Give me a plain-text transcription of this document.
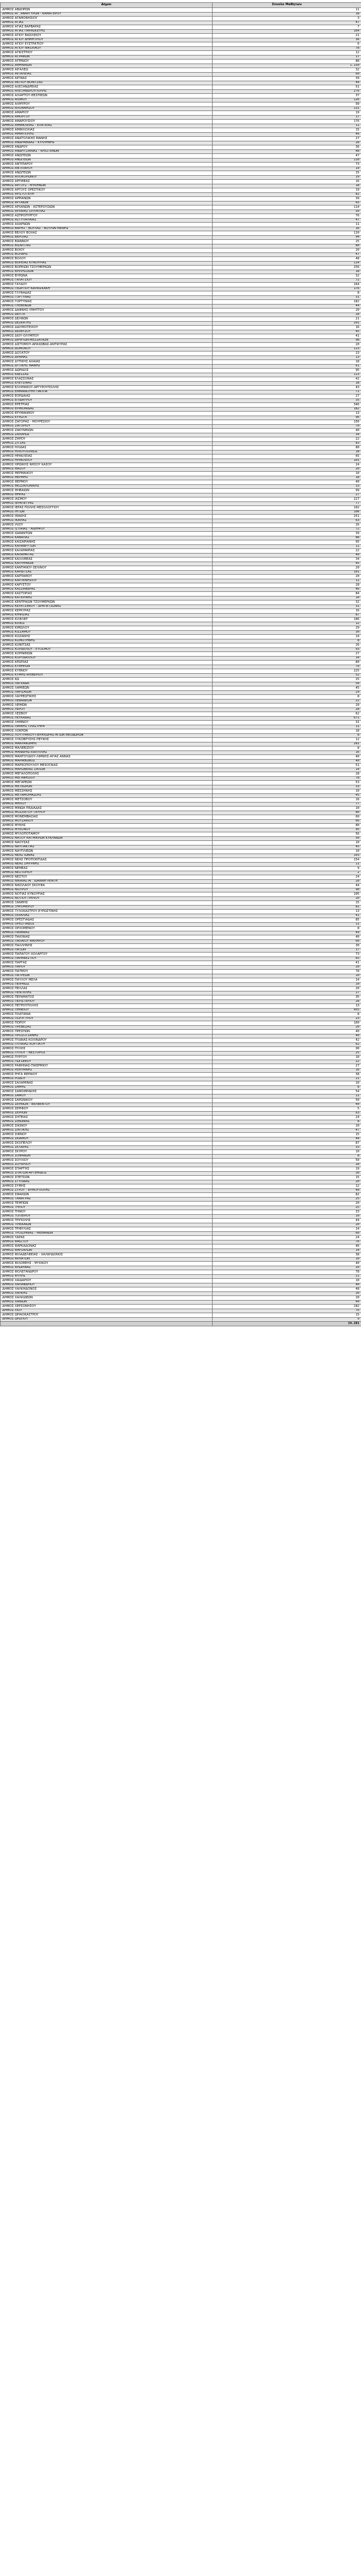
Δήμοι	Σύνολο Μαθητών
ΔΗΜΟΣ ΑΒΔΗΡΩΝ	11
ΔΗΜΟΣ ΑΓ. ΑΝΑΡΓΥΡΩΝ - ΚΑΜΑΤΕΡΟΥ	18
ΔΗΜΟΣ ΑΓΑΘΟΝΗΣΙΟΥ	3
ΔΗΜΟΣ ΑΓΙΑΣ	47
ΔΗΜΟΣ ΑΓΙΑΣ ΒΑΡΒΑΡΑΣ	7
ΔΗΜΟΣ ΑΓΙΑΣ ΠΑΡΑΣΚΕΥΗΣ	164
ΔΗΜΟΣ ΑΓΙΟΥ ΒΑΣΙΛΕΙΟΥ	21
ΔΗΜΟΣ ΑΓΙΟΥ ΔΗΜΗΤΡΙΟΥ	36
ΔΗΜΟΣ ΑΓΙΟΥ ΕΥΣΤΡΑΤΙΟΥ	6
ΔΗΜΟΣ ΑΓΙΟΥ ΝΙΚΟΛΑΟΥ	78
ΔΗΜΟΣ ΑΓΚΙΣΤΡΙΟΥ	12
ΔΗΜΟΣ ΑΓΡΑΦΩΝ	17
ΔΗΜΟΣ ΑΓΡΙΝΙΟΥ	88
ΔΗΜΟΣ ΑΘΗΝΑΙΩΝ	1.150
ΔΗΜΟΣ ΑΙΓΑΛΕΩ	32
ΔΗΜΟΣ ΑΙΓΙΑΛΕΙΑΣ	60
ΔΗΜΟΣ ΑΙΓΙΝΑΣ	39
ΔΗΜΟΣ ΑΚΤΙΟΥ-ΒΟΝΙΤΣΑΣ	44
ΔΗΜΟΣ ΑΛΕΞΑΝΔΡΕΙΑΣ	51
ΔΗΜΟΣ ΑΛΕΞΑΝΔΡΟΥΠΟΛΗΣ	276
ΔΗΜΟΣ ΑΛΙΑΡΤΟΥ-ΘΕΣΠΙΕΩΝ	37
ΔΗΜΟΣ ΑΛΙΜΟΥ	126
ΔΗΜΟΣ ΑΛΜΥΡΟΥ	99
ΔΗΜΟΣ ΑΛΟΝΝΗΣΟΥ	131
ΔΗΜΟΣ ΑΜΑΡΙΟΥ	19
ΔΗΜΟΣ ΑΜΟΡΓΟΥ	17
ΔΗΜΟΣ ΑΜΑΡΟΥΣΙΟΥ	176
ΔΗΜΟΣ ΑΜΦΙΚΛΕΙΑΣ - ΕΛΑΤΕΙΑΣ	11
ΔΗΜΟΣ ΑΜΦΙΛΟΧΙΑΣ	15
ΔΗΜΟΣ ΑΜΦΙΠΟΛΗΣ	46
ΔΗΜΟΣ ΑΝΑΤΟΛΙΚΗΣ ΜΑΝΗΣ	27
ΔΗΜΟΣ ΑΝΔΡΑΒΙΔΑΣ - ΚΥΛΛΗΝΗΣ	28
ΔΗΜΟΣ ΑΝΔΡΟΥ	36
ΔΗΜΟΣ ΑΝΔΡΙΤΣΑΙΝΑΣ - ΚΡΕΣΤΕΝΩΝ	48
ΔΗΜΟΣ ΑΝΩΓΕΙΩΝ	47
ΔΗΜΟΣ ΑΝΩΓΕΙΩΝ	110
ΔΗΜΟΣ ΑΝΤΙΠΑΡΟΥ	73
ΔΗΜΟΣ ΑΝΤΙΠΑΡΟΥ	19
ΔΗΜΟΣ ΑΝΩΓΕΙΩΝ	15
ΔΗΜΟΣ ΑΠΟΚΟΡΩΝΟΥ	19
ΔΗΜΟΣ ΑΡΓΙΘΕΑΣ	16
ΔΗΜΟΣ ΑΡΓΟΥΣ - ΜΥΚΗΝΩΝ	18
ΔΗΜΟΣ ΑΡΓΟΥΣ ΟΡΕΣΤΙΚΟΥ	19
ΔΗΜΟΣ ΑΡΙΣΤΟΤΕΛΗ	82
ΔΗΜΟΣ ΑΡΡΙΑΝΩΝ	39
ΔΗΜΟΣ ΑΡΤΑΙΩΝ	65
ΔΗΜΟΣ ΑΡΧΑΝΩΝ - ΑΣΤΕΡΟΥΣΙΩΝ	114
ΔΗΜΟΣ ΑΡΧΑΙΑΣ ΟΛΥΜΠΙΑΣ	50
ΔΗΜΟΣ ΑΣΠΡΟΠΥΡΓΟΥ	76
ΔΗΜΟΣ ΑΣΤΥΠΑΛΑΙΑΣ	47
ΔΗΜΟΣ ΑΧΑΡΝΩΝ	11
ΔΗΜΟΣ ΒΑΡΗΣ - ΒΟΥΛΑΣ - ΒΟΥΛΙΑΓΜΕΝΗΣ	16
ΔΗΜΟΣ ΒΕΛΟΥ ΒΟΧΑΣ	110
ΔΗΜΟΣ ΒΕΡΟΙΑΣ	94
ΔΗΜΟΣ ΒΙΑΝΝΟΥ	25
ΔΗΜΟΣ ΒΙΣΑΛΤΙΑΣ	80
ΔΗΜΟΣ ΒΟΙΟΥ	20
ΔΗΜΟΣ ΒΟΛΒΗΣ	47
ΔΗΜΟΣ ΒΟΛΟΥ	48
ΔΗΜΟΣ ΒΟΡΕΙΑΣ ΚΥΝΟΥΡΙΑΣ	114
ΔΗΜΟΣ ΒΟΡΕΙΩΝ ΤΖΟΥΜΕΡΚΩΝ	256
ΔΗΜΟΣ ΒΡΙΛΗΣΣΙΩΝ	18
ΔΗΜΟΣ ΒΥΡΩΝΑ	32
ΔΗΜΟΣ ΓΑΛΑΤΣΙΟΥ	72
ΔΗΜΟΣ ΓΑΥΔΟΥ	164
ΔΗΜΟΣ ΓΕΩΡΓΙΟΥ ΚΑΡΑΪΣΚΑΚΗ	176
ΔΗΜΟΣ ΓΛΥΦΑΔΑΣ	8
ΔΗΜΟΣ ΓΟΡΤΥΝΑΣ	31
ΔΗΜΟΣ ΓΟΡΤΥΝΙΑΣ	182
ΔΗΜΟΣ ΓΡΕΒΕΝΩΝ	44
ΔΗΜΟΣ ΔΑΦΝΗΣ-ΥΜΗΤΤΟΥ	20
ΔΗΜΟΣ ΔΕΛΤΑ	28
ΔΗΜΟΣ ΔΕΛΦΩΝ	21
ΔΗΜΟΣ ΔΕΣΚΑΤΗΣ	201
ΔΗΜΟΣ ΔΙΔΥΜΟΤΕΙΧΟΥ	16
ΔΗΜΟΣ ΔΙΟΝΥΣΟΥ	45
ΔΗΜΟΣ ΔΙΟΥ-ΟΛΥΜΠΟΥ	41
ΔΗΜΟΣ ΔΙΡΦΥΩΝ-ΜΕΣΣΑΠΙΩΝ	98
ΔΗΜΟΣ ΔΙΣΤΟΜΟΥ-ΑΡΑΧΩΒΑΣ-ΑΝΤΙΚΥΡΑΣ	20
ΔΗΜΟΣ ΔΟΜΟΚΟΥ	113
ΔΗΜΟΣ ΔΟΞΑΤΟΥ	23
ΔΗΜΟΣ ΔΡΑΜΑΣ	13
ΔΗΜΟΣ ΔΥΤΙΚΗΣ ΑΧΑΪΑΣ	18
ΔΗΜΟΣ ΔΥΤΙΚΗΣ ΜΑΝΗΣ	61
ΔΗΜΟΣ ΔΩΡΙΔΟΣ	95
ΔΗΜΟΣ ΕΔΕΣΣΑΣ	113
ΔΗΜΟΣ ΕΛΑΣΣΟΝΑΣ	42
ΔΗΜΟΣ ΕΛΕΥΣΙΝΑΣ	18
ΔΗΜΟΣ ΕΛΛΗΝΙΚΟΥ-ΑΡΓΥΡΟΥΠΟΛΗΣ	43
ΔΗΜΟΣ ΕΜΜΑΝΟΥΗΛ ΠΑΠΠΑ	71
ΔΗΜΟΣ ΕΟΡΔΑΙΑΣ	27
ΔΗΜΟΣ ΕΠΙΔΑΥΡΟΥ	35
ΔΗΜΟΣ ΕΡΕΤΡΙΑΣ	346
ΔΗΜΟΣ ΕΡΜΙΟΝΙΔΑΣ	182
ΔΗΜΟΣ ΕΡΥΜΑΝΘΟΥ	13
ΔΗΜΟΣ ΕΥΡΩΤΑ	96
ΔΗΜΟΣ ΖΑΓΟΡΑΣ - ΜΟΥΡΕΣΙΟΥ	156
ΔΗΜΟΣ ΖΑΓΟΡΙΟΥ	70
ΔΗΜΟΣ ΖΑΚΥΝΘΙΩΝ	40
ΔΗΜΟΣ ΖΑΧΑΡΩΣ	34
ΔΗΜΟΣ ΖΗΡΟΥ	22
ΔΗΜΟΣ ΖΙΤΣΑΣ	83
ΔΗΜΟΣ ΗΛΙΔΑΣ	80
ΔΗΜΟΣ ΗΛΙΟΥΠΟΛΕΩΣ	18
ΔΗΜΟΣ ΗΡΑΚΛΕΙΑΣ	65
ΔΗΜΟΣ ΗΡΑΚΛΕΙΟΥ	101
ΔΗΜΟΣ ΗΡΩΙΚΗΣ ΝΗΣΟΥ ΚΑΣΟΥ	24
ΔΗΜΟΣ ΘΑΣΟΥ	20
ΔΗΜΟΣ ΘΕΡΜΑΪΚΟΥ	10
ΔΗΜΟΣ ΘΕΡΜΗΣ	18
ΔΗΜΟΣ ΘΕΡΜΟΥ	40
ΔΗΜΟΣ ΘΕΣΣΑΛΟΝΙΚΗΣ	33
ΔΗΜΟΣ ΘΗΒΑΙΩΝ	99
ΔΗΜΟΣ ΘΗΡΑΣ	27
ΔΗΜΟΣ ΙΑΣΜΟΥ	227
ΔΗΜΟΣ ΙΕΡΑΠΕΤΡΑΣ	77
ΔΗΜΟΣ ΙΕΡΑΣ ΠΟΛΗΣ ΜΕΣΟΛΟΓΓΙΟΥ	102
ΔΗΜΟΣ ΙΗΤΩΝ	106
ΔΗΜΟΣ ΙΘΑΚΗΣ	251
ΔΗΜΟΣ ΙΚΑΡΙΑΣ	63
ΔΗΜΟΣ ΙΛΙΟΥ	26
ΔΗΜΟΣ ΙΣΤΙΑΙΑΣ - ΑΙΔΗΨΟΥ	72
ΔΗΜΟΣ ΙΩΑΝΝΙΤΩΝ	39
ΔΗΜΟΣ ΚΑΒΑΛΑΣ	88
ΔΗΜΟΣ ΚΑΙΣΑΡΙΑΝΗΣ	95
ΔΗΜΟΣ ΚΑΛΑΒΡΥΤΩΝ	11
ΔΗΜΟΣ ΚΑΛΑΜΑΡΙΑΣ	22
ΔΗΜΟΣ ΚΑΛΑΜΑΤΑΣ	40
ΔΗΜΟΣ ΚΑΛΛΙΘΕΑΣ	34
ΔΗΜΟΣ ΚΑΛΥΜΝΙΩΝ	45
ΔΗΜΟΣ ΚΑΝΤΑΝΟΥ-ΣΕΛΙΝΟΥ	20
ΔΗΜΟΣ ΚΑΡΔΙΤΣΑΣ	101
ΔΗΜΟΣ ΚΑΡΠΑΘΟΥ	20
ΔΗΜΟΣ ΚΑΡΠΕΝΗΣΙΟΥ	11
ΔΗΜΟΣ ΚΑΡΥΣΤΟΥ	28
ΔΗΜΟΣ ΚΑΣΣΑΝΔΡΑΣ	46
ΔΗΜΟΣ ΚΑΣΤΟΡΙΑΣ	84
ΔΗΜΟΣ ΚΑΤΕΡΙΝΗΣ	10
ΔΗΜΟΣ ΚΕΝΤΡΙΚΩΝ ΤΖΟΥΜΕΡΚΩΝ	32
ΔΗΜΟΣ ΚΕΡΑΤΣΙΝΙΟΥ - ΔΡΑΠΕΤΣΩΝΑΣ	31
ΔΗΜΟΣ ΚΕΡΚΥΡΑΣ	16
ΔΗΜΟΣ ΚΗΦΙΣΙΑΣ	87
ΔΗΜΟΣ ΚΙΛΕΛΕΡ	186
ΔΗΜΟΣ ΚΙΛΚΙΣ	12
ΔΗΜΟΣ ΚΙΜΩΛΟΥ	29
ΔΗΜΟΣ ΚΙΣΣΑΜΟΥ	30
ΔΗΜΟΣ ΚΟΖΑΝΗΣ	14
ΔΗΜΟΣ ΚΟΜΟΤΗΝΗΣ	8
ΔΗΜΟΣ ΚΟΝΙΤΣΑΣ	26
ΔΗΜΟΣ ΚΟΡΔΕΛΙΟΥ - ΕΥΟΣΜΟΥ	93
ΔΗΜΟΣ ΚΟΡΙΝΘΙΩΝ	27
ΔΗΜΟΣ ΚΟΡΥΔΑΛΛΟΥ	14
ΔΗΜΟΣ ΚΡΩΠΙΑΣ	80
ΔΗΜΟΣ ΚΥΘΗΡΩΝ	70
ΔΗΜΟΣ ΚΥΘΝΟΥ	225
ΔΗΜΟΣ ΚΥΜΗΣ-ΑΛΙΒΕΡΙΟΥ	52
ΔΗΜΟΣ ΚΩ	25
ΔΗΜΟΣ ΛΑΓΚΑΔΑ	50
ΔΗΜΟΣ ΛΑΜΙΕΩΝ	45
ΔΗΜΟΣ ΛΑΡΙΣΑΙΩΝ	29
ΔΗΜΟΣ ΛΑΥΡΕΩΤΙΚΗΣ	8
ΔΗΜΟΣ ΛΕΒΑΔΕΩΝ	22
ΔΗΜΟΣ ΛΕΙΨΩΝ	20
ΔΗΜΟΣ ΛΕΡΟΥ	28
ΔΗΜΟΣ ΛΕΣΒΟΥ	62
ΔΗΜΟΣ ΛΕΥΚΑΔΑΣ	671
ΔΗΜΟΣ ΛΗΜΝΟΥ	31
ΔΗΜΟΣ ΛΙΜΝΗΣ ΠΛΑΣΤΗΡΑ	11
ΔΗΜΟΣ ΛΟΚΡΩΝ	18
ΔΗΜΟΣ ΛΟΥΤΡΑΚΙΟΥ-ΠΕΡΑΧΩΡΑΣ-ΑΓΙΩΝ ΘΕΟΔΩΡΩΝ	8
ΔΗΜΟΣ ΛΥΚΟΒΡΥΣΗΣ-ΠΕΥΚΗΣ	12
ΔΗΜΟΣ ΜΑΚΡΑΚΩΜΗΣ	281
ΔΗΜΟΣ ΜΑΛΕΒΙΖΙΟΥ	8
ΔΗΜΟΣ ΜΑΝΔΡΑΣ-ΕΙΔΥΛΛΙΑΣ	16
ΔΗΜΟΣ ΜΑΝΤΟΥΔΙΟΥ-ΛΙΜΝΗΣ-ΑΓΙΑΣ ΑΝΝΑΣ	40
ΔΗΜΟΣ ΜΑΡΑΘΩΝΟΣ	40
ΔΗΜΟΣ ΜΑΡΚΟΠΟΥΛΟΥ ΜΕΣΟΓΑΙΑΣ	51
ΔΗΜΟΣ ΜΑΡΩΝΕΙΑΣ ΣΑΠΩΝ	14
ΔΗΜΟΣ ΜΕΓΑΛΟΠΟΛΗΣ	28
ΔΗΜΟΣ ΜΕΓΑΝΗΣΙΟΥ	78
ΔΗΜΟΣ ΜΕΓΑΡΕΩΝ	53
ΔΗΜΟΣ ΜΕΤΕΩΡΩΝ	33
ΔΗΜΟΣ ΜΕΣΣΗΝΗΣ	10
ΔΗΜΟΣ ΜΕΤΑΜΟΡΦΩΣΗΣ	45
ΔΗΜΟΣ ΜΕΤΣΟΒΟΥ	16
ΔΗΜΟΣ ΜΗΛΟΥ	77
ΔΗΜΟΣ ΜΙΝΩΑ ΠΕΔΙΑΔΑΣ	10
ΔΗΜΟΣ ΜΟΣΧΑΤΟΥ-ΤΑΥΡΟΥ	80
ΔΗΜΟΣ ΜΟΝΕΜΒΑΣΙΑΣ	60
ΔΗΜΟΣ ΜΟΥΖΑΚΙΟΥ	66
ΔΗΜΟΣ ΜΥΚΗΣ	80
ΔΗΜΟΣ ΜΥΚΟΝΟΥ	95
ΔΗΜΟΣ ΜΥΛΟΠΟΤΑΜΟΥ	56
ΔΗΜΟΣ ΝΑΞΟΥ ΚΑΙ ΜΙΚΡΩΝ ΚΥΚΛΑΔΩΝ	50
ΔΗΜΟΣ ΝΑΟΥΣΑΣ	10
ΔΗΜΟΣ ΝΑΥΠΑΚΤΙΑΣ	45
ΔΗΜΟΣ ΝΑΥΠΛΙΕΩΝ	10
ΔΗΜΟΣ ΝΕΑΣ ΙΩΝΙΑΣ	103
ΔΗΜΟΣ ΝΕΑΣ ΠΡΟΠΟΝΤΙΔΑΣ	154
ΔΗΜΟΣ ΝΕΑΣ ΣΜΥΡΝΗΣ	11
ΔΗΜΟΣ ΝΕΜΕΑΣ	9
ΔΗΜΟΣ ΝΕΣΤΟΡΙΟΥ	2
ΔΗΜΟΣ ΝΕΣΤΟΥ	24
ΔΗΜΟΣ ΝΙΚΑΙΑΣ-ΑΓ. ΙΩΑΝΝΗ ΡΕΝΤΗ	28
ΔΗΜΟΣ ΝΙΚΟΛΑΟΥ ΣΚΟΥΦΑ	44
ΔΗΜΟΣ ΝΙΣΥΡΟΥ	90
ΔΗΜΟΣ ΝΟΤΙΑΣ ΚΥΝΟΥΡΙΑΣ	105
ΔΗΜΟΣ ΝΟΤΙΟΥ ΠΗΛΙΟΥ	20
ΔΗΜΟΣ ΞΑΝΘΗΣ	15
ΔΗΜΟΣ ΞΗΡΟΜΕΡΟΥ	81
ΔΗΜΟΣ ΞΥΛΟΚΑΣΤΡΟΥ-ΕΥΡΩΣΤΙΝΗΣ	13
ΔΗΜΟΣ ΟΙΧΑΛΙΑΣ	41
ΔΗΜΟΣ ΟΡΕΣΤΙΑΔΑΣ	85
ΔΗΜΟΣ ΟΡΕΣΤΙΑΔΟΣ	11
ΔΗΜΟΣ ΟΡΧΟΜΕΝΟΥ	8
ΔΗΜΟΣ ΠΑΙΑΝΙΑΣ	49
ΔΗΜΟΣ ΠΑΙΟΝΙΑΣ	40
ΔΗΜΟΣ ΠΑΛΑΙΟΥ ΦΑΛΗΡΟΥ	60
ΔΗΜΟΣ ΠΑΛΛΗΝΗΣ	30
ΔΗΜΟΣ ΠΑΞΩΝ	17
ΔΗΜΟΣ ΠΑΠΑΓΟΥ-ΧΟΛΑΡΓΟΥ	73
ΔΗΜΟΣ ΠΑΡΑΝΕΣΤΙΟΥ	65
ΔΗΜΟΣ ΠΑΡΓΑΣ	41
ΔΗΜΟΣ ΠΑΡΟΥ	20
ΔΗΜΟΣ ΠΑΤΜΟΥ	78
ΔΗΜΟΣ ΠΑΤΡΕΩΝ	10
ΔΗΜΟΣ ΠΑΥΛΟΥ ΜΕΛΑ	14
ΔΗΜΟΣ ΠΕΙΡΑΙΩΣ	10
ΔΗΜΟΣ ΠΕΛΛΑΣ	20
ΔΗΜΟΣ ΠΕΝΤΕΛΗΣ	17
ΔΗΜΟΣ ΠΕΡΑΜΑΤΟΣ	35
ΔΗΜΟΣ ΠΕΡΙΣΤΕΡΙΟΥ	28
ΔΗΜΟΣ ΠΕΤΡΟΥΠΟΛΗΣ	13
ΔΗΜΟΣ ΠΗΝΕΙΟΥ	455
ΔΗΜΟΣ ΠΛΑΤΑΝΙΑ	8
ΔΗΜΟΣ ΠΟΛΥΓΥΡΟΥ	23
ΔΗΜΟΣ ΠΟΡΟΥ	160
ΔΗΜΟΣ ΠΡΕΒΕΖΑΣ	20
ΔΗΜΟΣ ΠΡΕΣΠΩΝ	40
ΔΗΜΟΣ ΠΡΟΣΟΤΣΑΝΗΣ	40
ΔΗΜΟΣ ΠΥΔΝΑΣ-ΚΟΛΙΝΔΡΟΥ	42
ΔΗΜΟΣ ΠΥΛΑΙΑΣ-ΧΟΡΤΙΑΤΗ	62
ΔΗΜΟΣ ΠΥΛΗΣ	90
ΔΗΜΟΣ ΠΥΛΟΥ - ΝΕΣΤΟΡΟΣ	25
ΔΗΜΟΣ ΠΥΡΓΟΥ	10
ΔΗΜΟΣ ΠΩΓΩΝΙΟΥ	22
ΔΗΜΟΣ ΡΑΦΗΝΑΣ-ΠΙΚΕΡΜΙΟΥ	27
ΔΗΜΟΣ ΡΕΘΥΜΝΗΣ	16
ΔΗΜΟΣ ΡΗΓΑ ΦΕΡΑΙΟΥ	38
ΔΗΜΟΣ ΡΟΔΟΥ	21
ΔΗΜΟΣ ΣΑΛΑΜΙΝΑΣ	10
ΔΗΜΟΣ ΣΑΜΗΣ	8
ΔΗΜΟΣ ΣΑΜΟΘΡΑΚΗΣ	54
ΔΗΜΟΣ ΣΑΜΟΥ	11
ΔΗΜΟΣ ΣΑΡΩΝΙΚΟΥ	50
ΔΗΜΟΣ ΣΕΡΒΙΩΝ - ΒΕΛΒΕΝΤΟΥ	40
ΔΗΜΟΣ ΣΕΡΙΦΟΥ	5
ΔΗΜΟΣ ΣΕΡΡΩΝ	63
ΔΗΜΟΣ ΣΗΤΕΙΑΣ	24
ΔΗΜΟΣ ΣΙΘΩΝΙΑΣ	8
ΔΗΜΟΣ ΣΙΚΙΝΟΥ	10
ΔΗΜΟΣ ΣΙΝΤΙΚΗΣ	47
ΔΗΜΟΣ ΣΙΦΝΟΥ	15
ΔΗΜΟΣ ΣΚΙΑΘΟΥ	44
ΔΗΜΟΣ ΣΚΟΠΕΛΟΥ	87
ΔΗΜΟΣ ΣΚΥΔΡΑΣ	33
ΔΗΜΟΣ ΣΚΥΡΟΥ	10
ΔΗΜΟΣ ΣΟΦΑΔΩΝ	8
ΔΗΜΟΣ ΣΟΥΛΙΟΥ	50
ΔΗΜΟΣ ΣΟΥΦΛΙΟΥ	28
ΔΗΜΟΣ ΣΠΑΡΤΗΣ	19
ΔΗΜΟΣ ΣΠΑΤΩΝ-ΑΡΤΕΜΙΔΟΣ	30
ΔΗΜΟΣ ΣΠΕΤΣΩΝ	15
ΔΗΜΟΣ ΣΤΥΛΙΔΑΣ	20
ΔΗΜΟΣ ΣΥΜΗΣ	12
ΔΗΜΟΣ ΣΥΡΟΥ - ΕΡΜΟΥΠΟΛΗΣ	40
ΔΗΜΟΣ ΣΦΑΚΙΩΝ	82
ΔΗΜΟΣ ΤΑΝΑΓΡΑΣ	25
ΔΗΜΟΣ ΤΕΜΠΩΝ	20
ΔΗΜΟΣ ΤΗΛΟΥ	25
ΔΗΜΟΣ ΤΗΝΟΥ	33
ΔΗΜΟΣ ΤΟΠΕΙΡΟΥ	10
ΔΗΜΟΣ ΤΡΙΠΟΛΗΣ	44
ΔΗΜΟΣ ΤΡΙΚΚΑΙΩΝ	20
ΔΗΜΟΣ ΤΡΙΦΥΛΙΑΣ	14
ΔΗΜΟΣ ΤΡΟΙΖΗΝΙΑΣ - ΜΕΘΑΝΩΝ	60
ΔΗΜΟΣ ΥΔΡΑΣ	24
ΔΗΜΟΣ ΦΑΙΣΤΟΥ	76
ΔΗΜΟΣ ΦΑΡΚΑΔΟΝΑΣ	46
ΔΗΜΟΣ ΦΑΡΣΑΛΩΝ	14
ΔΗΜΟΣ ΦΙΛΑΔΕΛΦΕΙΑΣ - ΧΑΛΚΗΔΟΝΟΣ	38
ΔΗΜΟΣ ΦΙΛΙΑΤΩΝ	10
ΔΗΜΟΣ ΦΙΛΟΘΕΗΣ - ΨΥΧΙΚΟΥ	40
ΔΗΜΟΣ ΦΛΩΡΙΝΑΣ	20
ΔΗΜΟΣ ΦΟΛΕΓΑΝΔΡΟΥ	78
ΔΗΜΟΣ ΦΥΛΗΣ	21
ΔΗΜΟΣ ΧΑΪΔΑΡΙΟΥ	10
ΔΗΜΟΣ ΧΑΛΑΝΔΡΙΟΥ	40
ΔΗΜΟΣ ΧΑΛΚΗΔΟΝΟΣ	48
ΔΗΜΟΣ ΧΑΛΚΗΣ	30
ΔΗΜΟΣ ΧΑΛΚΙΔΕΩΝ	20
ΔΗΜΟΣ ΧΑΝΙΩΝ	40
ΔΗΜΟΣ ΧΕΡΣΟΝΗΣΟΥ	182
ΔΗΜΟΣ ΧΙΟΥ	76
ΔΗΜΟΣ ΩΡΑΙΟΚΑΣΤΡΟΥ	15
ΔΗΜΟΣ ΩΡΩΠΟΥ	9
	24.281
